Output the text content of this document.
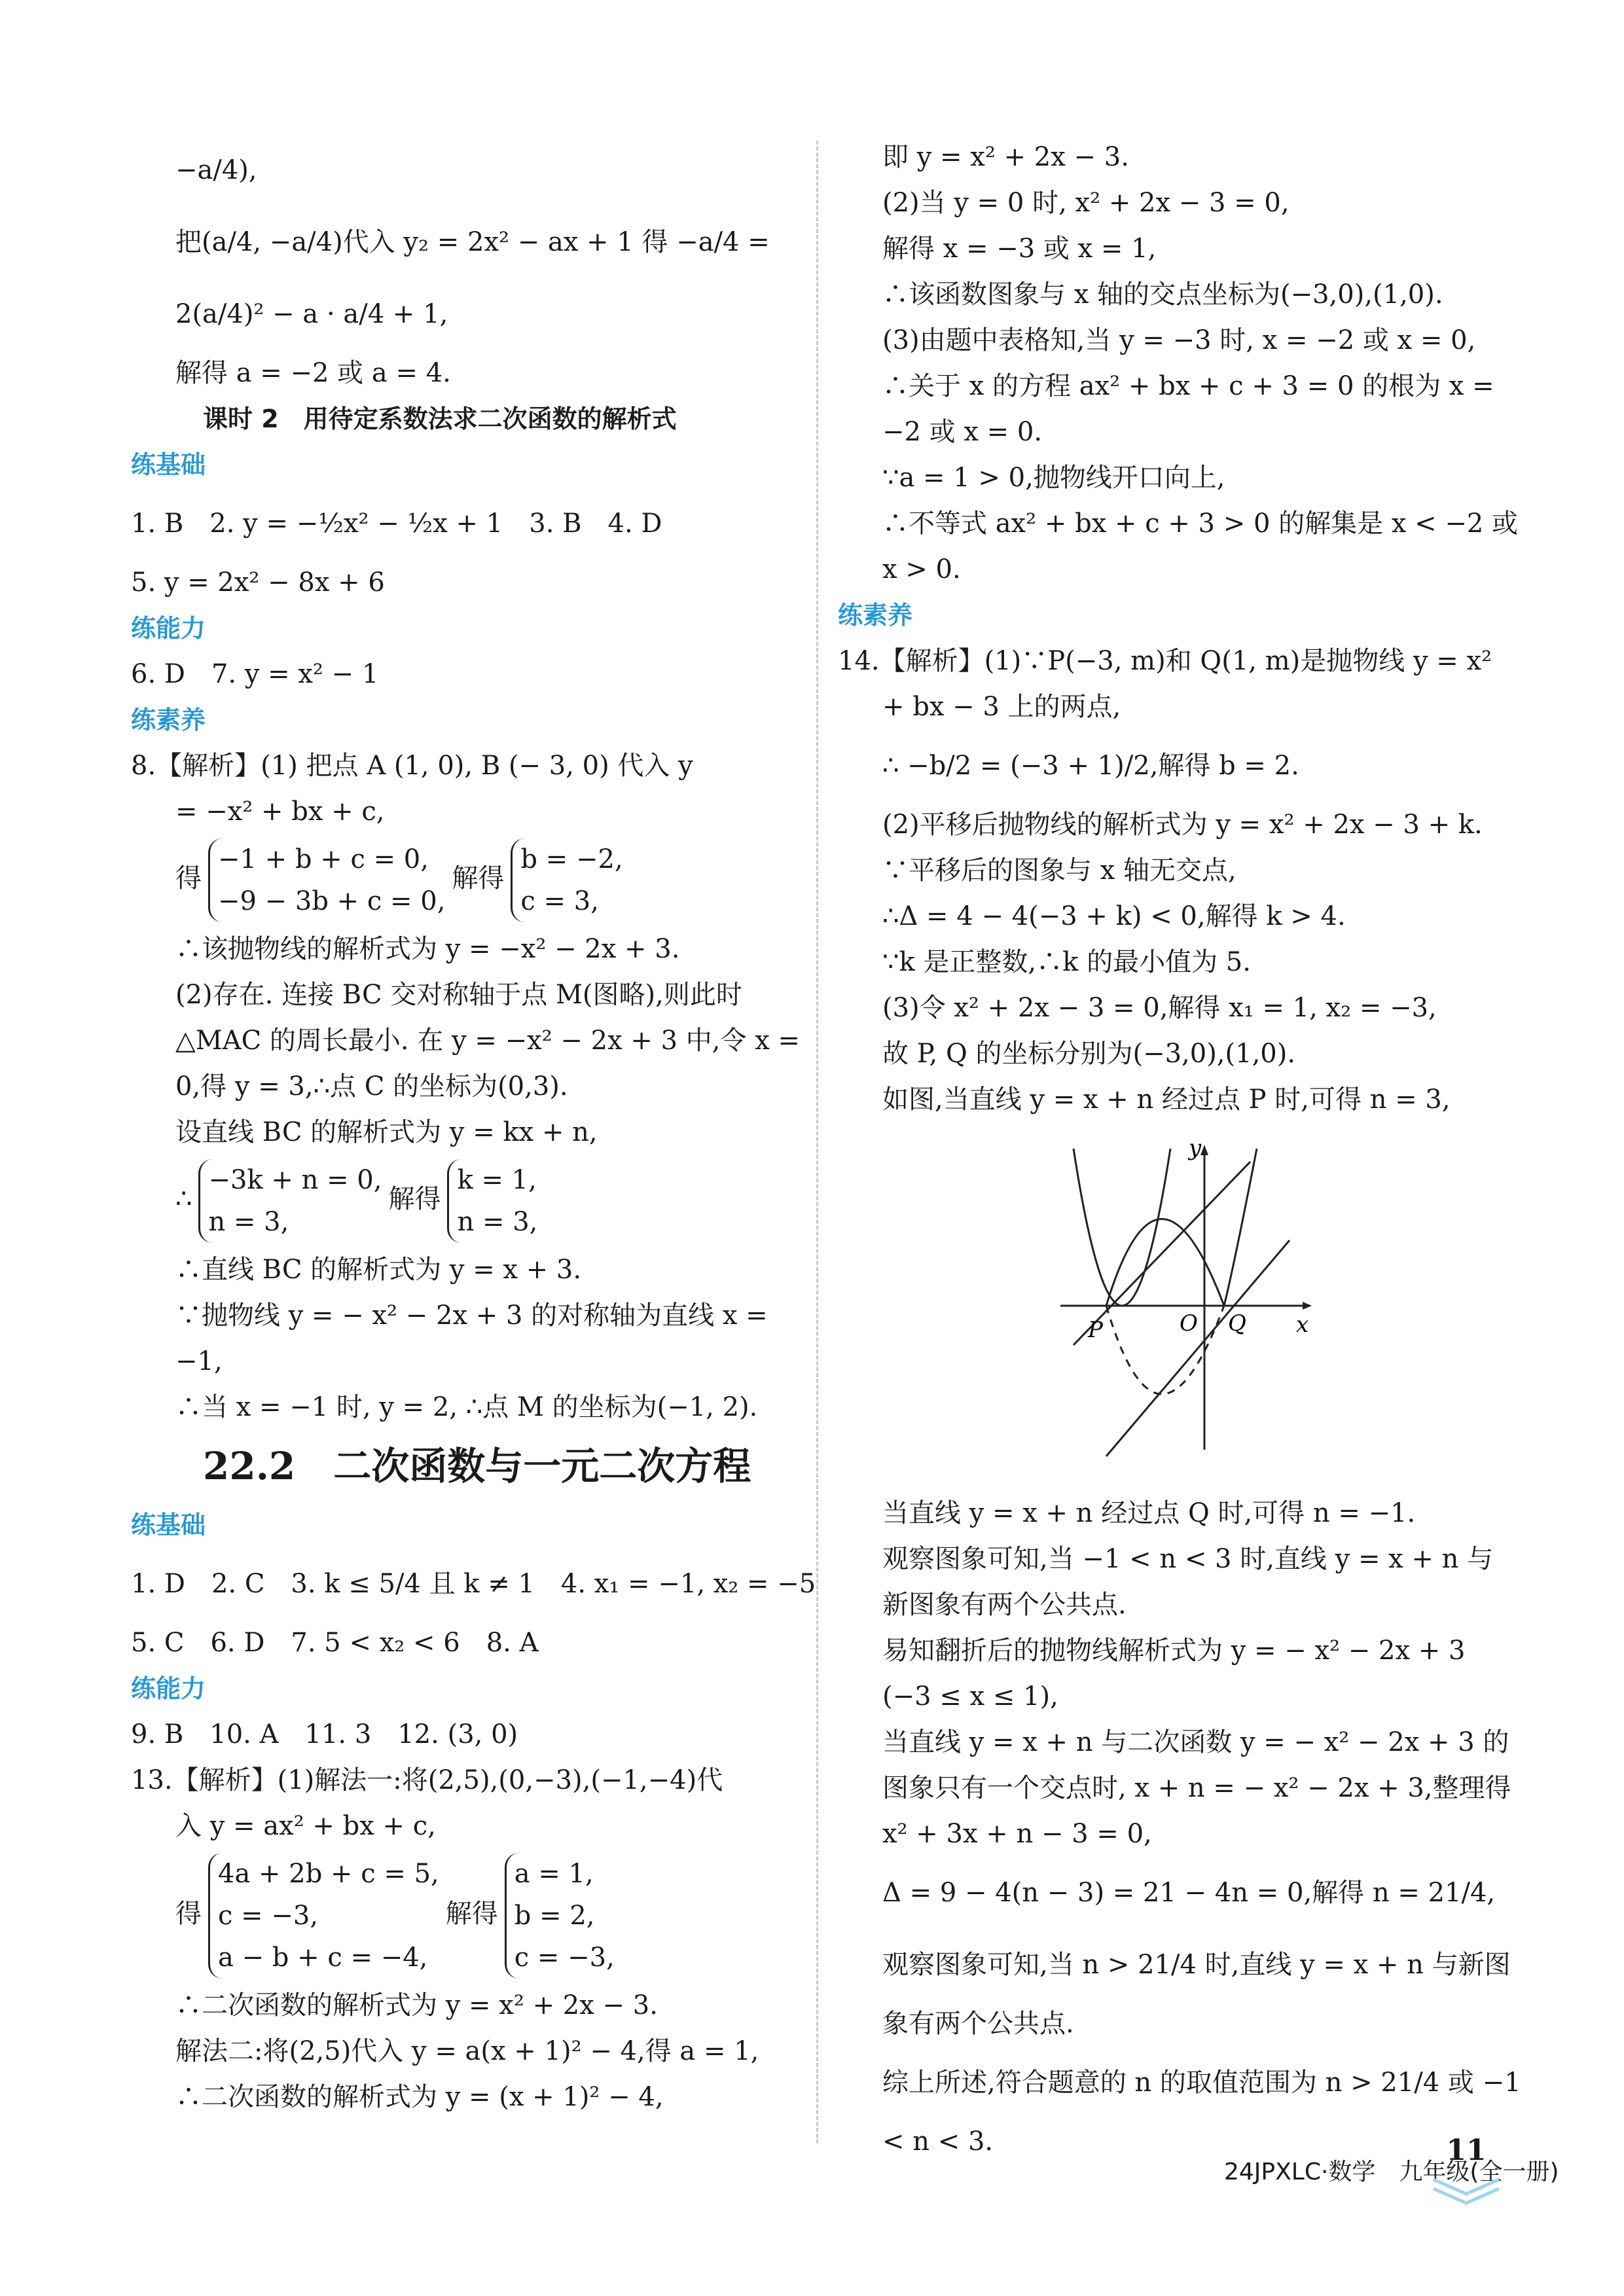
−a/4),
把(a/4, −a/4)代入 y₂ = 2x² − ax + 1 得 −a/4 =
2(a/4)² − a · a/4 + 1,
解得 a = −2 或 a = 4.
课时 2　用待定系数法求二次函数的解析式
练基础
1. B　2. y = −½x² − ½x + 1　3. B　4. D
5. y = 2x² − 8x + 6
练能力
6. D　7. y = x² − 1
练素养
8.【解析】(1) 把点 A (1, 0), B (− 3, 0) 代入 y
= −x² + bx + c,
得−1 + b + c = 0,
−9 − 3b + c = 0,解得b = −2,
c = 3,
∴该抛物线的解析式为 y = −x² − 2x + 3.
(2)存在. 连接 BC 交对称轴于点 M(图略),则此时
△MAC 的周长最小. 在 y = −x² − 2x + 3 中,令 x =
0,得 y = 3,∴点 C 的坐标为(0,3).
设直线 BC 的解析式为 y = kx + n,
∴−3k + n = 0,
n = 3,解得k = 1,
n = 3,
∴直线 BC 的解析式为 y = x + 3.
∵抛物线 y = − x² − 2x + 3 的对称轴为直线 x =
−1,
∴当 x = −1 时, y = 2, ∴点 M 的坐标为(−1, 2).
22.2　二次函数与一元二次方程
练基础
1. D　2. C　3. k ≤ 5/4 且 k ≠ 1　4. x₁ = −1, x₂ = −5
5. C　6. D　7. 5 < x₂ < 6　8. A
练能力
9. B　10. A　11. 3　12. (3, 0)
13.【解析】(1)解法一:将(2,5),(0,−3),(−1,−4)代
入 y = ax² + bx + c,
得4a + 2b + c = 5,
c = −3,
a − b + c = −4,解得a = 1,
b = 2,
c = −3,
∴二次函数的解析式为 y = x² + 2x − 3.
解法二:将(2,5)代入 y = a(x + 1)² − 4,得 a = 1,
∴二次函数的解析式为 y = (x + 1)² − 4,
即 y = x² + 2x − 3.
(2)当 y = 0 时, x² + 2x − 3 = 0,
解得 x = −3 或 x = 1,
∴该函数图象与 x 轴的交点坐标为(−3,0),(1,0).
(3)由题中表格知,当 y = −3 时, x = −2 或 x = 0,
∴关于 x 的方程 ax² + bx + c + 3 = 0 的根为 x =
−2 或 x = 0.
∵a = 1 > 0,抛物线开口向上,
∴不等式 ax² + bx + c + 3 > 0 的解集是 x < −2 或
x > 0.
练素养
14.【解析】(1)∵P(−3, m)和 Q(1, m)是抛物线 y = x²
+ bx − 3 上的两点,
∴ −b/2 = (−3 + 1)/2,解得 b = 2.
(2)平移后抛物线的解析式为 y = x² + 2x − 3 + k.
∵平移后的图象与 x 轴无交点,
∴Δ = 4 − 4(−3 + k) < 0,解得 k > 4.
∵k 是正整数,∴k 的最小值为 5.
(3)令 x² + 2x − 3 = 0,解得 x₁ = 1, x₂ = −3,
故 P, Q 的坐标分别为(−3,0),(1,0).
如图,当直线 y = x + n 经过点 P 时,可得 n = 3,
y
x
O
P	Q
当直线 y = x + n 经过点 Q 时,可得 n = −1.
观察图象可知,当 −1 < n < 3 时,直线 y = x + n 与
新图象有两个公共点.
易知翻折后的抛物线解析式为 y = − x² − 2x + 3
(−3 ≤ x ≤ 1),
当直线 y = x + n 与二次函数 y = − x² − 2x + 3 的
图象只有一个交点时, x + n = − x² − 2x + 3,整理得
x² + 3x + n − 3 = 0,
Δ = 9 − 4(n − 3) = 21 − 4n = 0,解得 n = 21/4,
观察图象可知,当 n > 21/4 时,直线 y = x + n 与新图
象有两个公共点.
综上所述,符合题意的 n 的取值范围为 n > 21/4 或 −1
< n < 3.
24JPXLC·数学　九年级(全一册)
11
